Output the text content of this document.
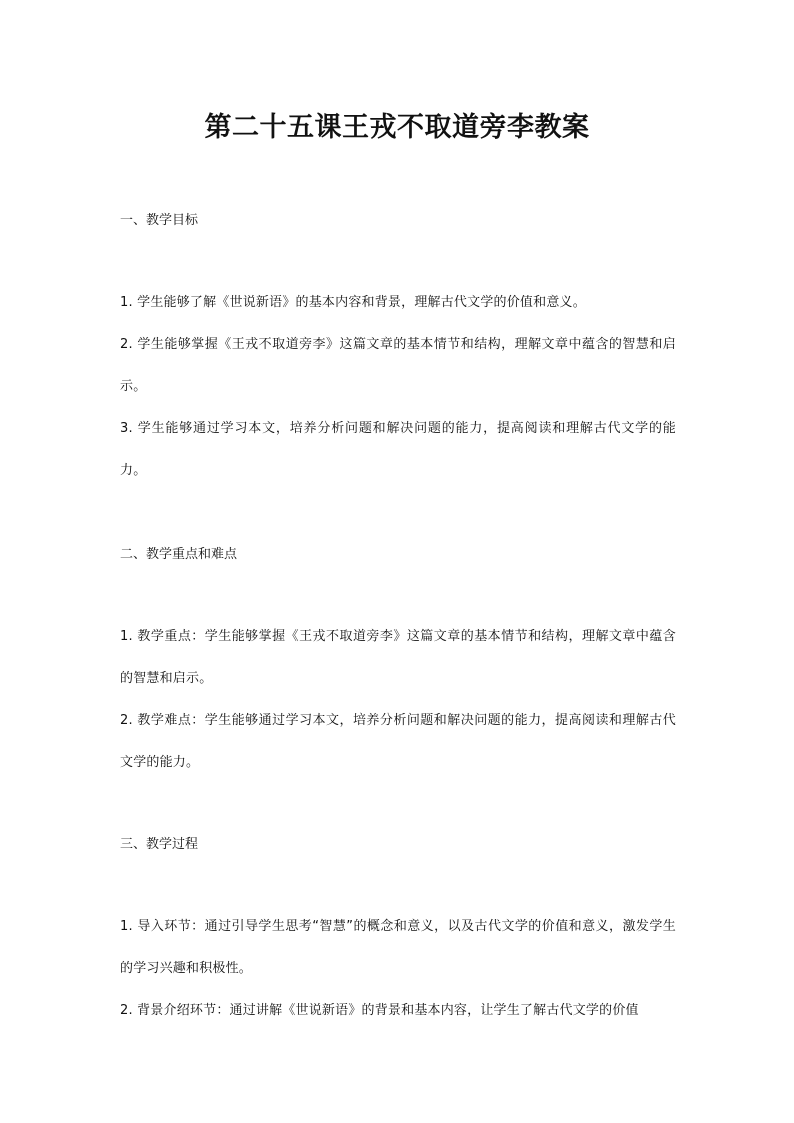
第二十五课王戎不取道旁李教案
一、教学目标

1. 学生能够了解《世说新语》的基本内容和背景，理解古代文学的价值和意义。

2. 学生能够掌握《王戎不取道旁李》这篇文章的基本情节和结构，理解文章中蕴含的智慧和启示。

3. 学生能够通过学习本文，培养分析问题和解决问题的能力，提高阅读和理解古代文学的能力。

二、教学重点和难点

1. 教学重点：学生能够掌握《王戎不取道旁李》这篇文章的基本情节和结构，理解文章中蕴含的智慧和启示。

2. 教学难点：学生能够通过学习本文，培养分析问题和解决问题的能力，提高阅读和理解古代文学的能力。

三、教学过程

1. 导入环节：通过引导学生思考“智慧”的概念和意义，以及古代文学的价值和意义，激发学生的学习兴趣和积极性。

2. 背景介绍环节：通过讲解《世说新语》的背景和基本内容，让学生了解古代文学的价值
